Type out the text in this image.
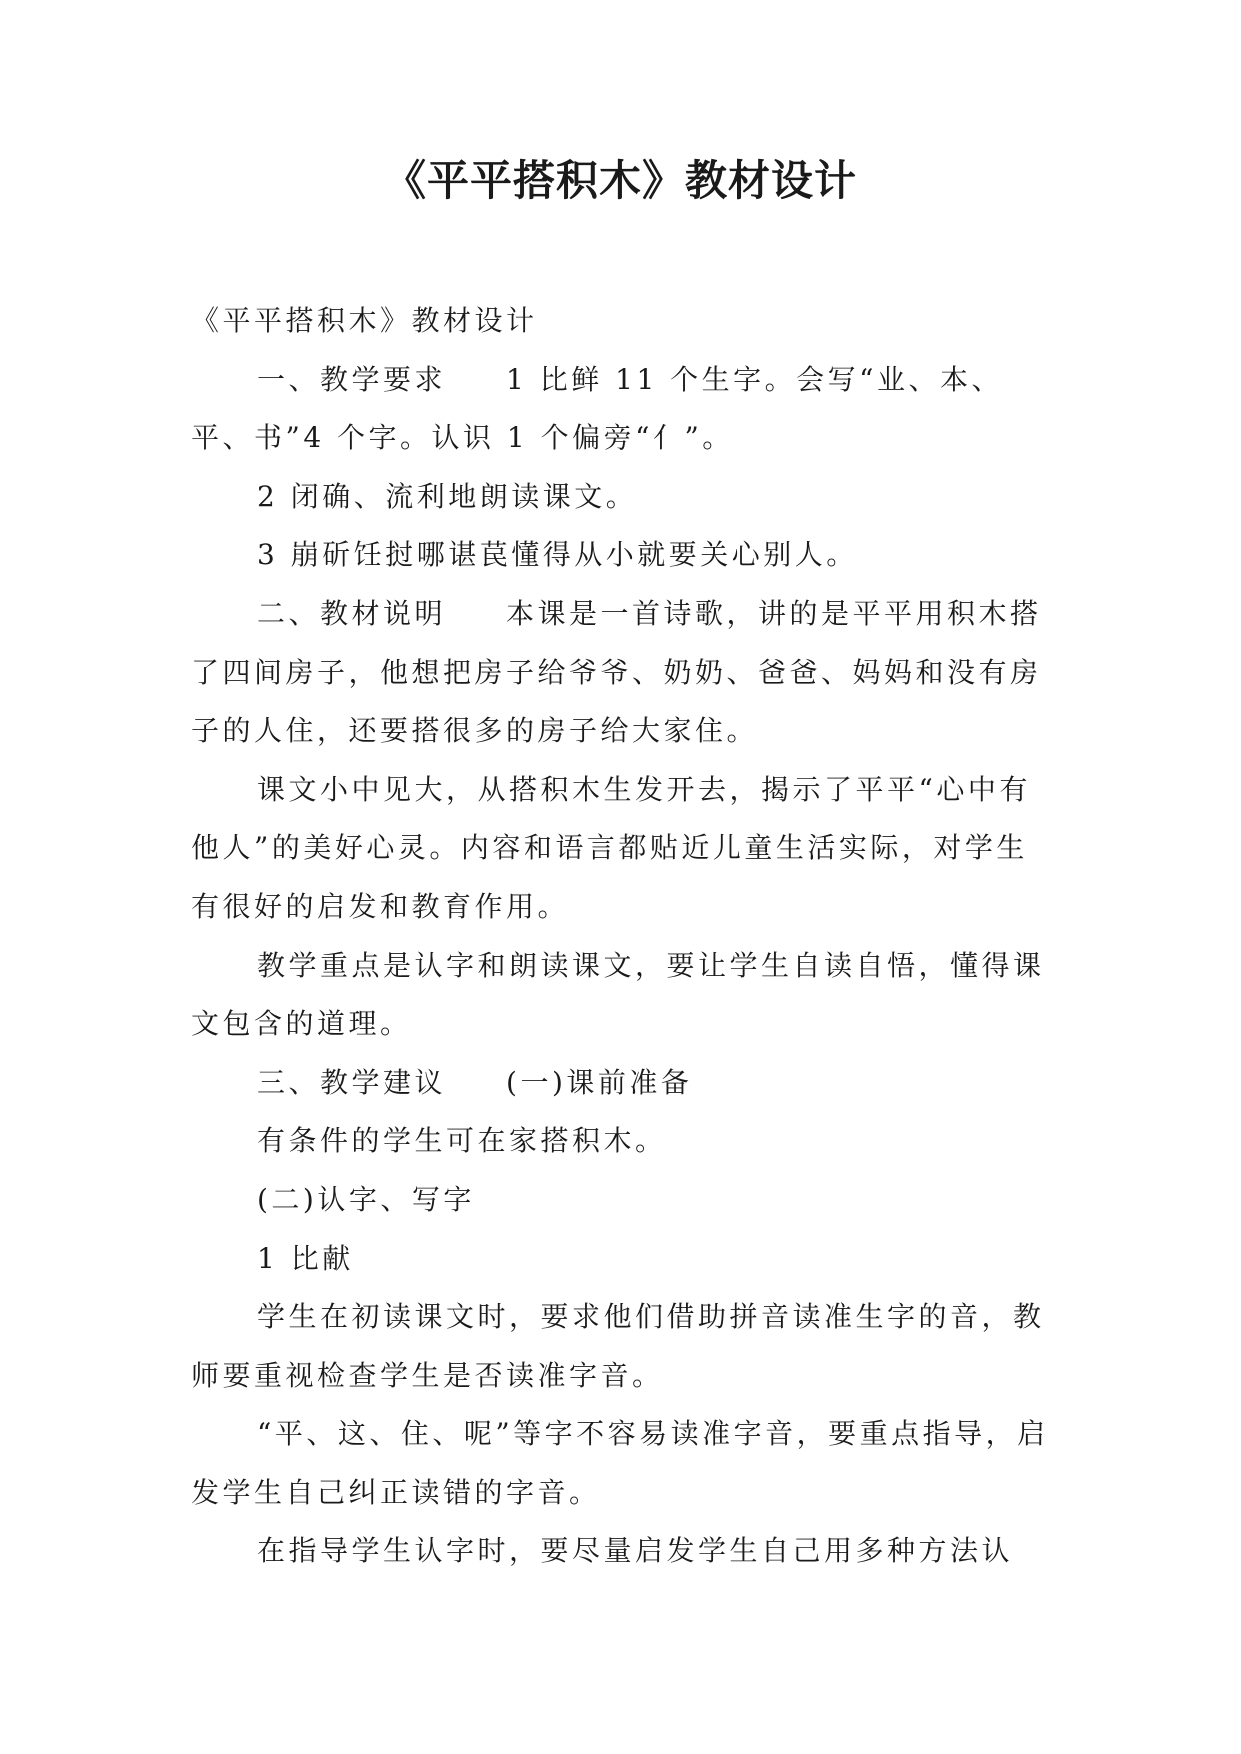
《平平搭积木》教材设计

《平平搭积木》教材设计

一、教学要求 1 比鲜 11 个生字。会写“业、本、平、书”4 个字。认识 1 个偏旁“亻”。

2 闭确、流利地朗读课文。

3 崩斫饪挝哪谌苠懂得从小就要关心别人。

二、教材说明 本课是一首诗歌，讲的是平平用积木搭了四间房子，他想把房子给爷爷、奶奶、爸爸、妈妈和没有房子的人住，还要搭很多的房子给大家住。

课文小中见大，从搭积木生发开去，揭示了平平“心中有他人”的美好心灵。内容和语言都贴近儿童生活实际，对学生有很好的启发和教育作用。

教学重点是认字和朗读课文，要让学生自读自悟，懂得课文包含的道理。

三、教学建议 (一)课前准备

有条件的学生可在家搭积木。

(二)认字、写字

1 比献

学生在初读课文时，要求他们借助拼音读准生字的音，教师要重视检查学生是否读准字音。

“平、这、住、呢”等字不容易读准字音，要重点指导，启发学生自己纠正读错的字音。

在指导学生认字时，要尽量启发学生自己用多种方法认
